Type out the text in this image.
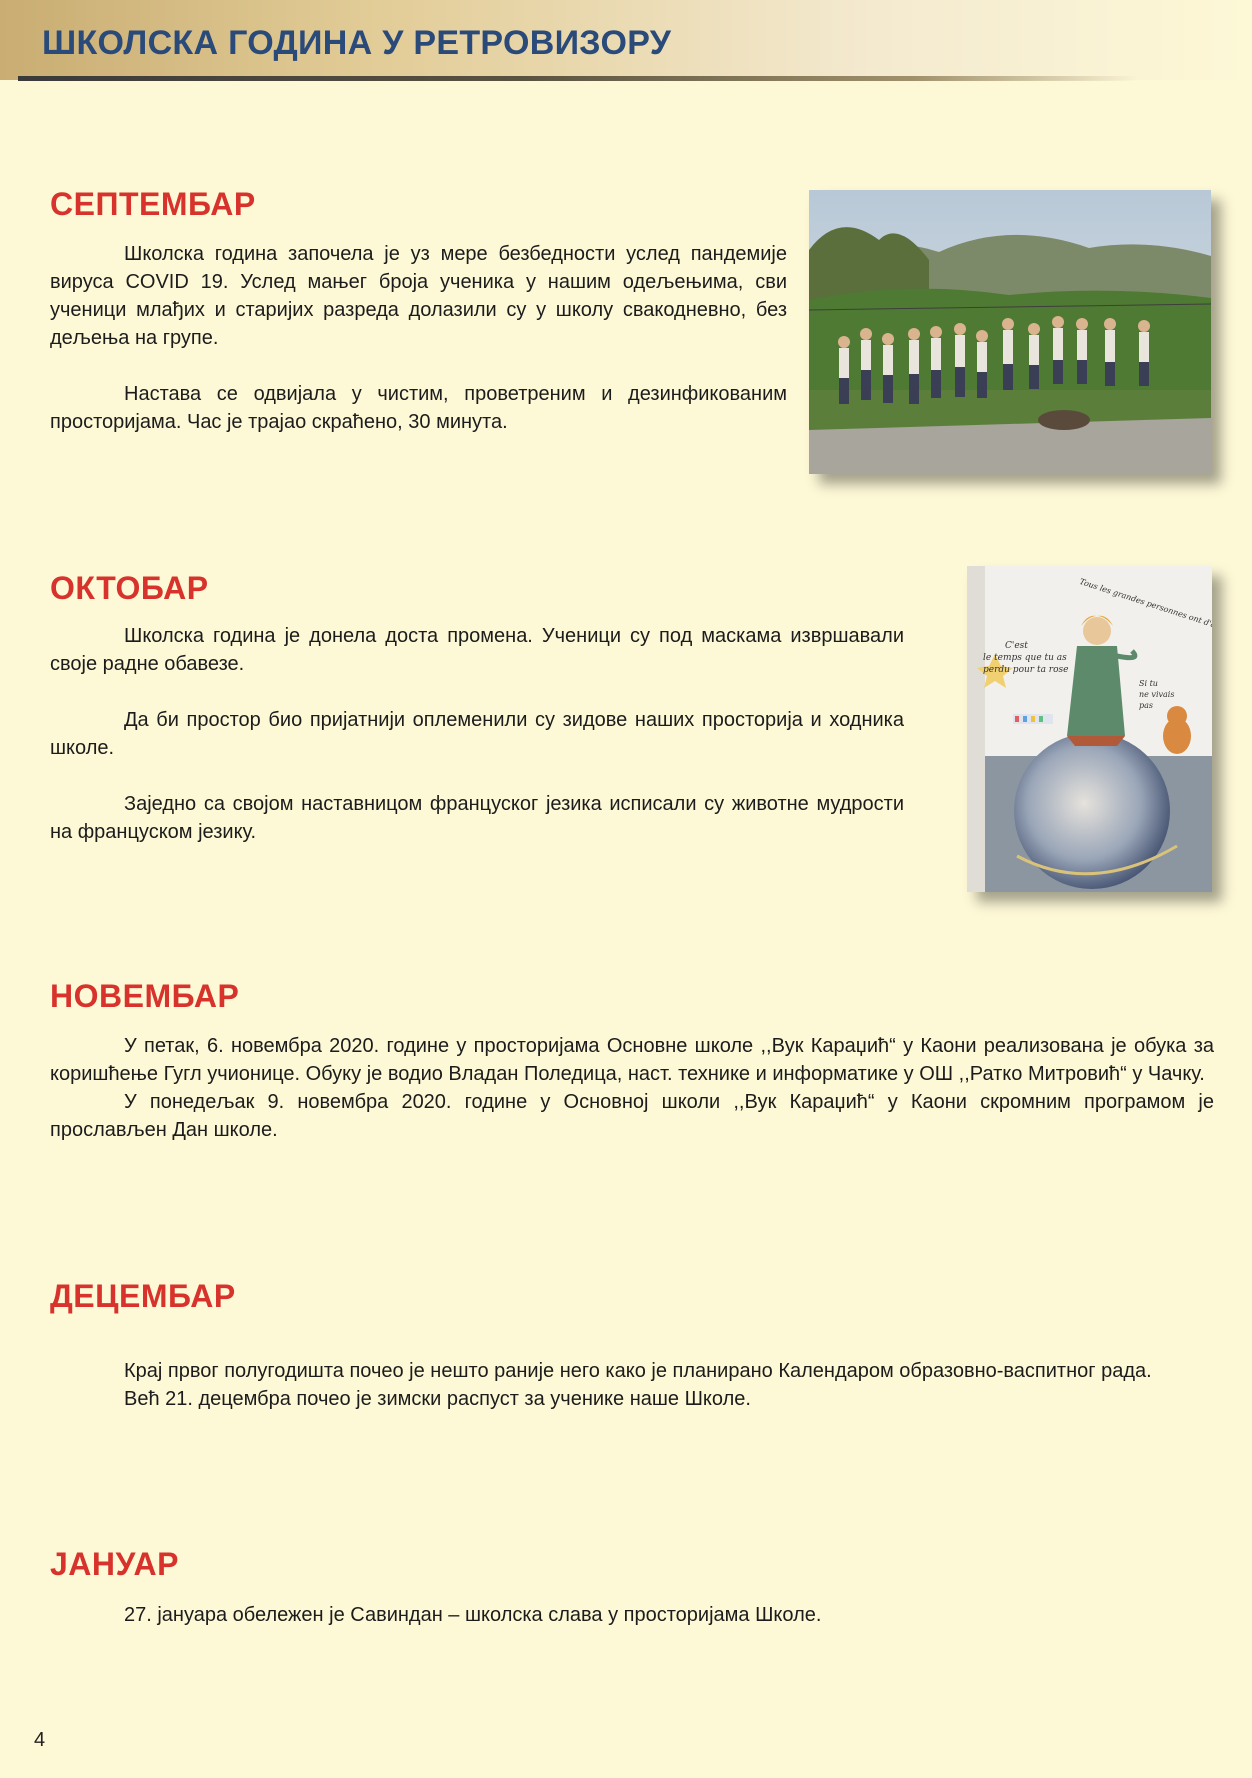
ШКОЛСКА ГОДИНА У РЕТРОВИЗОРУ
СЕПТЕМБАР

Школска година започела је уз мере безбедности услед пандемије вируса COVID 19. Услед мањег броја ученика у нашим одељењима, сви ученици млађих и старијих разреда долазили су у школу свакодневно, без дељења на групе.

Настава се одвијала у чистим, проветреним и дезинфикованим просторијама. Час је трајао скраћено, 30 минута.

ОКТОБАР

Школска година је донела доста промена. Ученици су под маскама извршавали своје радне обавезе.

Да би простор био пријатнији оплеменили су зидове наших просторија и ходника школе.

Заједно са својом наставницом француског језика исписали су животне мудрости на француском језику.

C'est le temps que tu as perdu pour ta rose
Si tu ne vivais pas
НОВЕМБАР

У петак, 6. новембра 2020. године у просторијама Основне школе ,,Вук Караџић“ у Каони реализована је обука за коришћење Гугл учионице. Обуку је водио Владан Поледица, наст. технике и информатике у ОШ ,,Ратко Митровић“ у Чачку.

У понедељак 9. новембра 2020. године у Основној школи ,,Вук Караџић“ у Каони скромним програмом је прослављен Дан школе.

ДЕЦЕМБАР

Крај првог полугодишта почео је нешто раније него како је планирано Календаром образовно-васпитног рада.

Већ 21. децембра почео је зимски распуст за ученике наше Школе.

ЈАНУАР

27. јануара обележен је Савиндан – школска слава у просторијама Школе.

4
